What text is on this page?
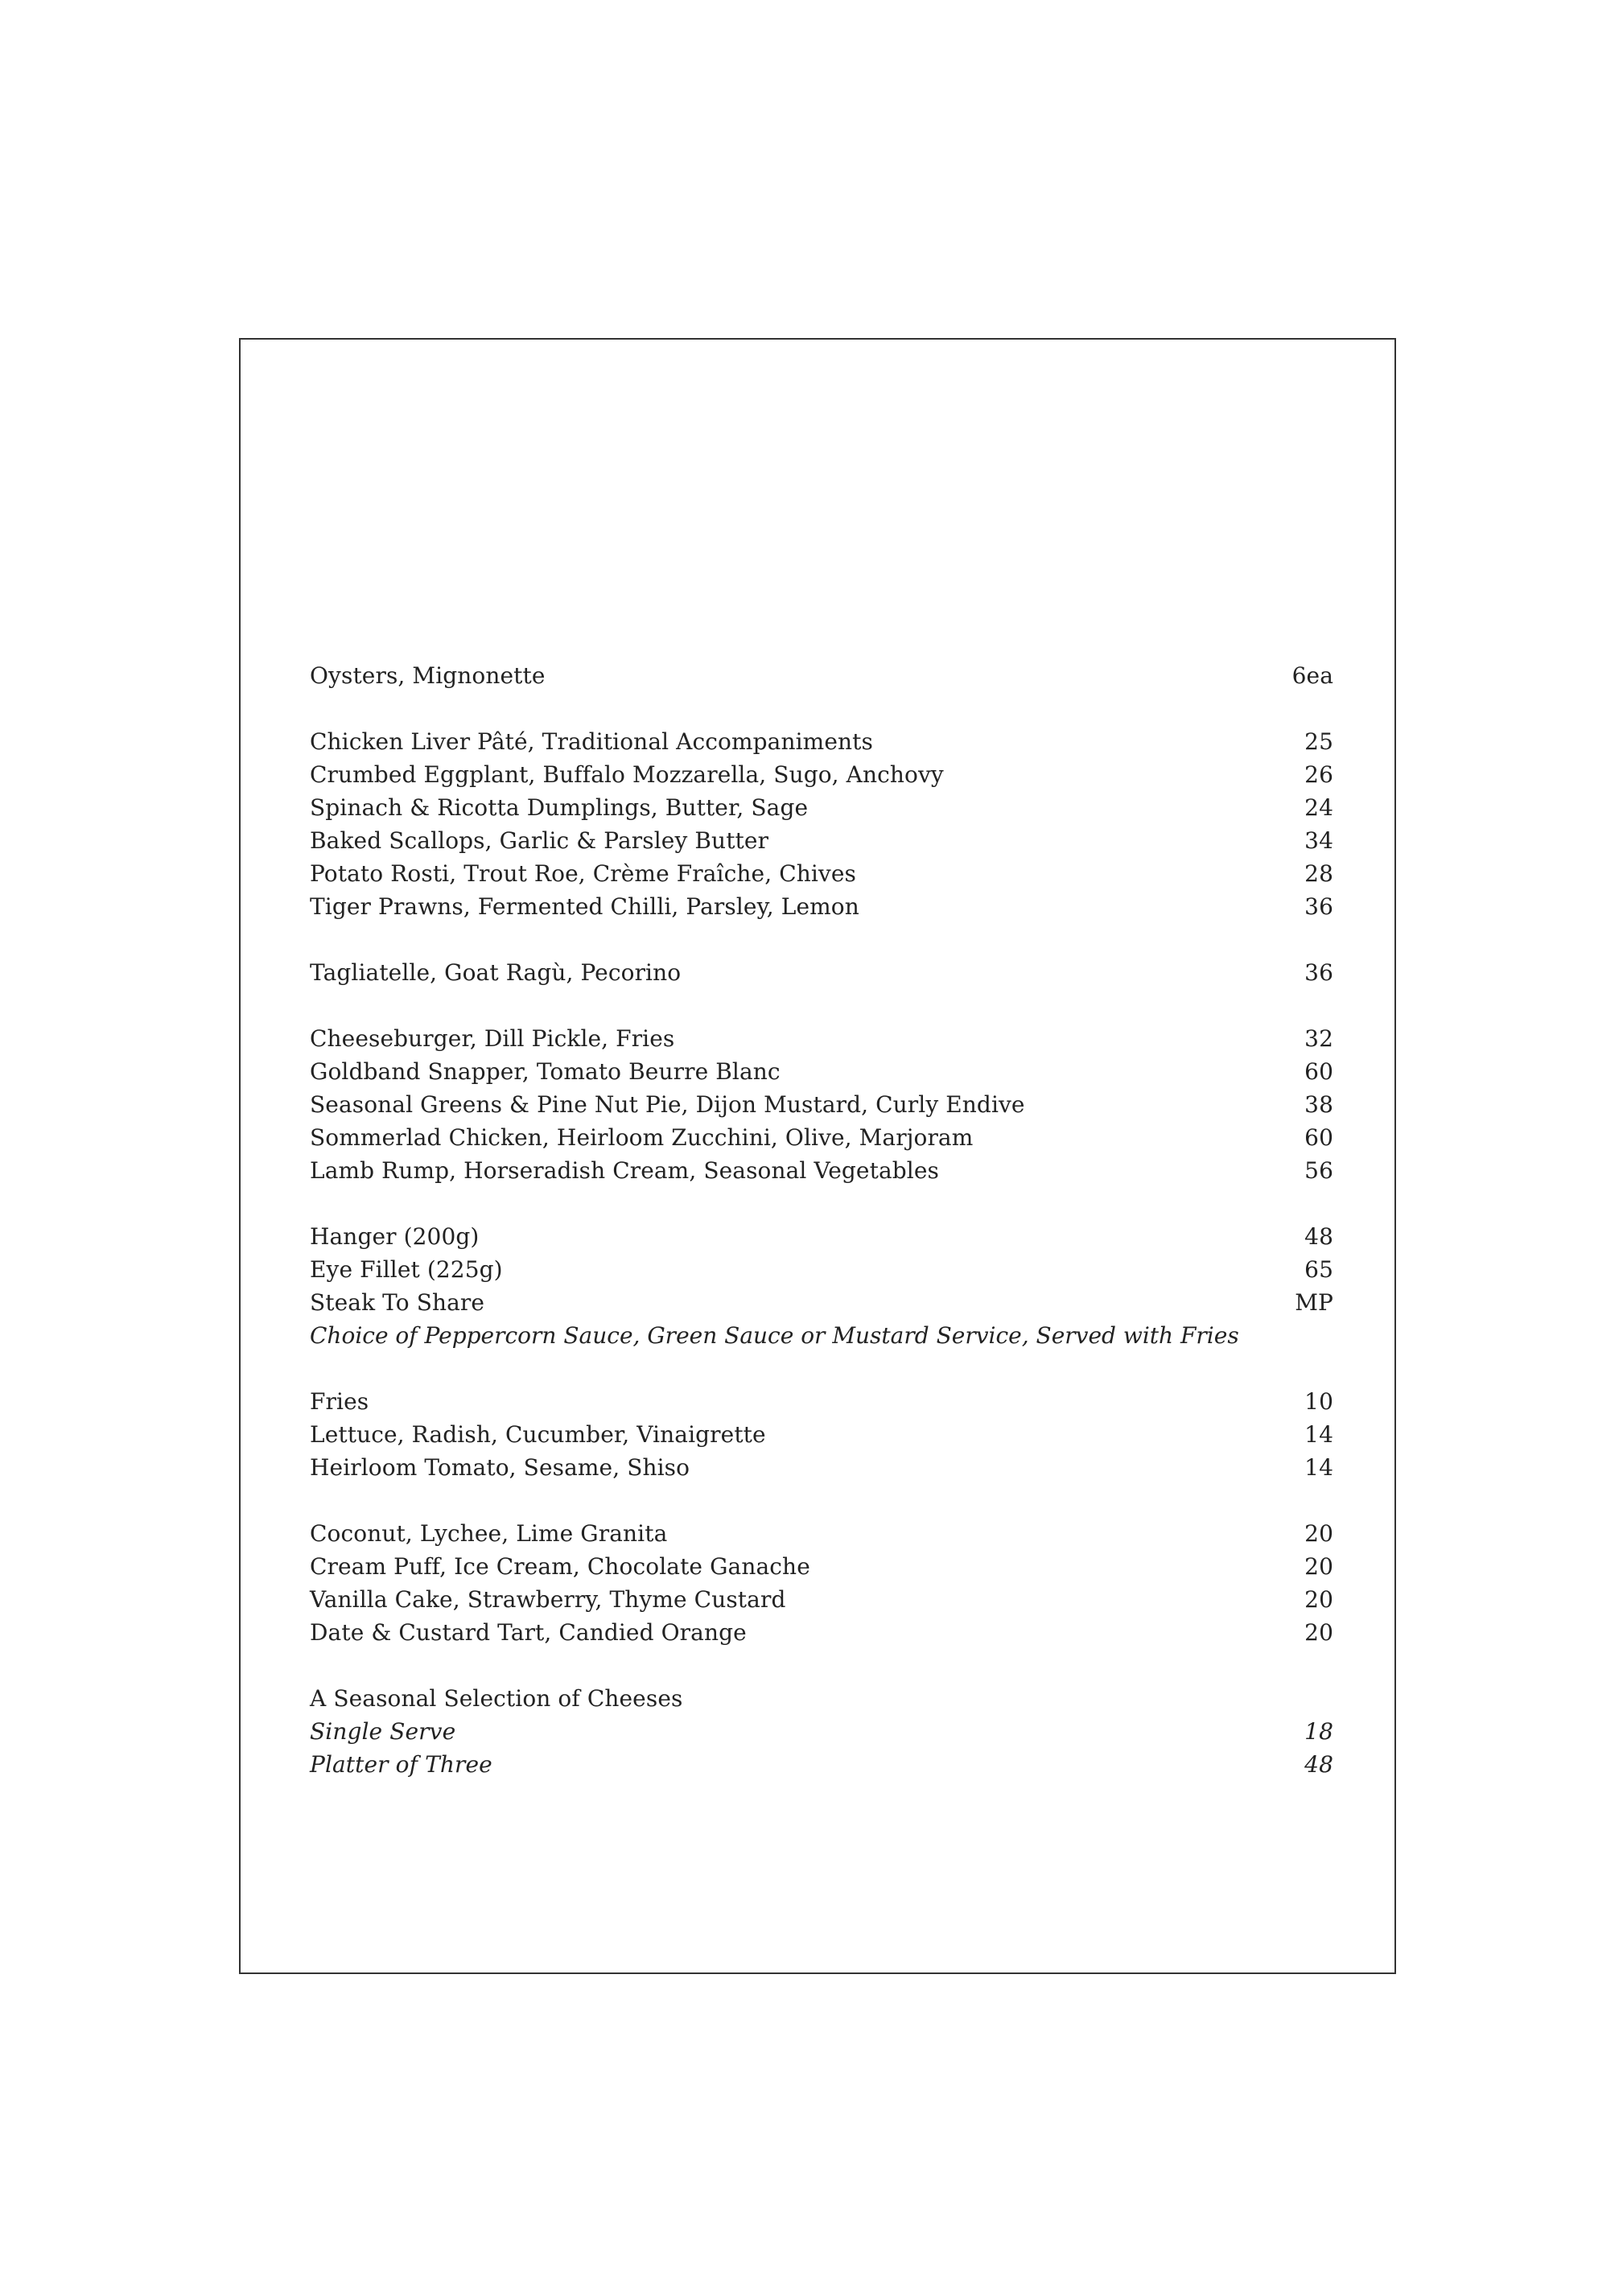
Oysters, Mignonette	6ea
Chicken Liver Pâté, Traditional Accompaniments	25
Crumbed Eggplant, Buffalo Mozzarella, Sugo, Anchovy	26
Spinach & Ricotta Dumplings, Butter, Sage	24
Baked Scallops, Garlic & Parsley Butter	34
Potato Rosti, Trout Roe, Crème Fraîche, Chives	28
Tiger Prawns, Fermented Chilli, Parsley, Lemon	36
Tagliatelle, Goat Ragù, Pecorino	36
Cheeseburger, Dill Pickle, Fries	32
Goldband Snapper, Tomato Beurre Blanc	60
Seasonal Greens & Pine Nut Pie, Dijon Mustard, Curly Endive	38
Sommerlad Chicken, Heirloom Zucchini, Olive, Marjoram	60
Lamb Rump, Horseradish Cream, Seasonal Vegetables	56
Hanger (200g)	48
Eye Fillet (225g)	65
Steak To Share	MP
Choice of Peppercorn Sauce, Green Sauce or Mustard Service, Served with Fries
Fries	10
Lettuce, Radish, Cucumber, Vinaigrette	14
Heirloom Tomato, Sesame, Shiso	14
Coconut, Lychee, Lime Granita	20
Cream Puff, Ice Cream, Chocolate Ganache	20
Vanilla Cake, Strawberry, Thyme Custard	20
Date & Custard Tart, Candied Orange	20
A Seasonal Selection of Cheeses
Single Serve	18
Platter of Three	48
